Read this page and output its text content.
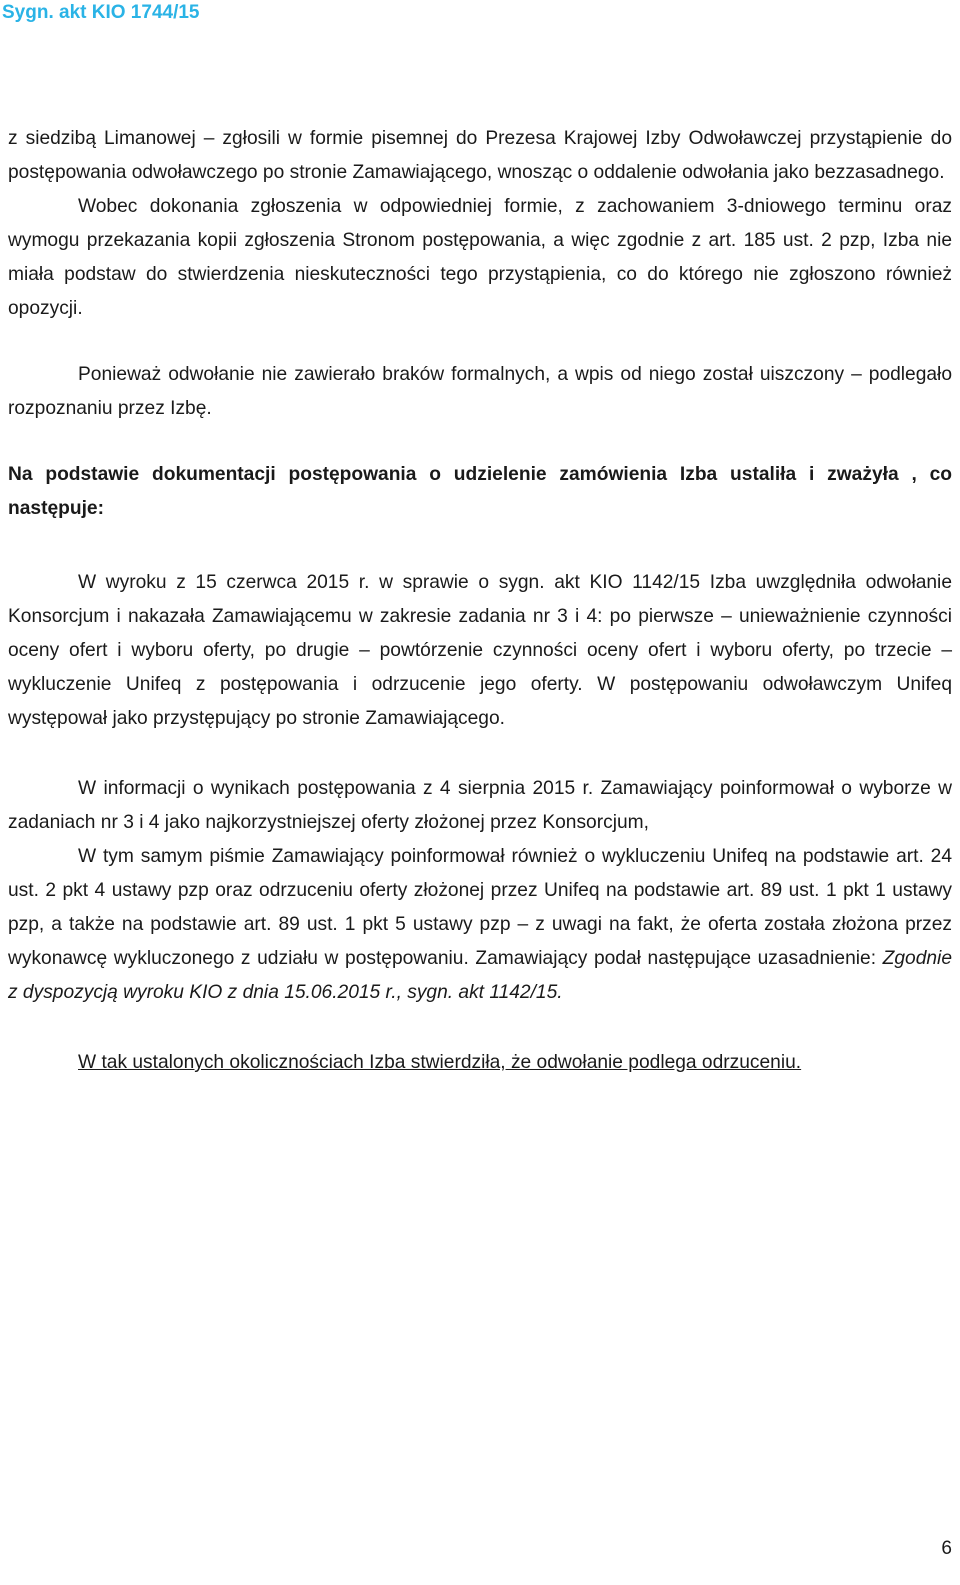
Sygn. akt KIO 1744/15

z siedzibą Limanowej – zgłosili w formie pisemnej do Prezesa Krajowej Izby Odwoławczej przystąpienie do postępowania odwoławczego po stronie Zamawiającego, wnosząc o oddalenie odwołania jako bezzasadnego.

Wobec dokonania zgłoszenia w odpowiedniej formie, z zachowaniem 3-dniowego terminu oraz wymogu przekazania kopii zgłoszenia Stronom postępowania, a więc zgodnie z art. 185 ust. 2 pzp, Izba nie miała podstaw do stwierdzenia nieskuteczności tego przystąpienia, co do którego nie zgłoszono również opozycji.

Ponieważ odwołanie nie zawierało braków formalnych, a wpis od niego został uiszczony – podlegało rozpoznaniu przez Izbę.

Na podstawie dokumentacji postępowania o udzielenie zamówienia Izba ustaliła i zważyła , co następuje:

W wyroku z 15 czerwca 2015 r. w sprawie o sygn. akt KIO 1142/15 Izba uwzględniła odwołanie Konsorcjum i nakazała Zamawiającemu w zakresie zadania nr 3 i 4: po pierwsze – unieważnienie czynności oceny ofert i wyboru oferty, po drugie – powtórzenie czynności oceny ofert i wyboru oferty, po trzecie – wykluczenie Unifeq z postępowania i odrzucenie jego oferty. W postępowaniu odwoławczym Unifeq występował jako przystępujący po stronie Zamawiającego.

W informacji o wynikach postępowania z 4 sierpnia 2015 r. Zamawiający poinformował o wyborze w zadaniach nr 3 i 4 jako najkorzystniejszej oferty złożonej przez Konsorcjum,

W tym samym piśmie Zamawiający poinformował również o wykluczeniu Unifeq na podstawie art. 24 ust. 2 pkt 4 ustawy pzp oraz odrzuceniu oferty złożonej przez Unifeq na podstawie art. 89 ust. 1 pkt 1 ustawy pzp, a także na podstawie art. 89 ust. 1 pkt 5 ustawy pzp – z uwagi na fakt, że oferta została złożona przez wykonawcę wykluczonego z udziału w postępowaniu. Zamawiający podał następujące uzasadnienie: Zgodnie z dyspozycją wyroku KIO z dnia 15.06.2015 r., sygn. akt 1142/15.

W tak ustalonych okolicznościach Izba stwierdziła, że odwołanie podlega odrzuceniu.

6
